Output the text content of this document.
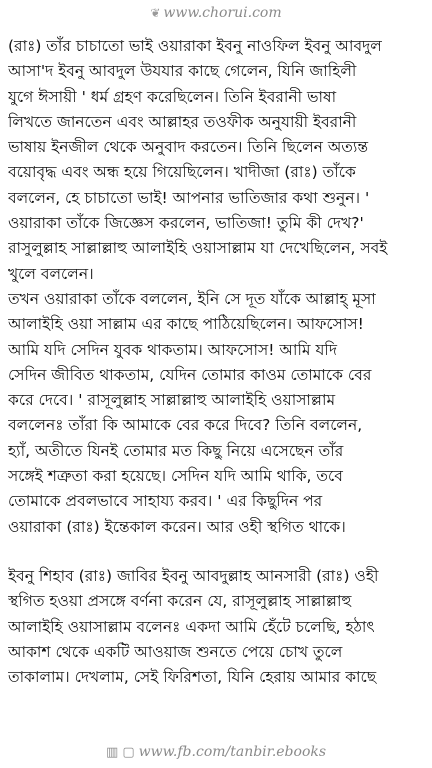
❦ www.chorui.com
(রাঃ) তাঁর চাচাতো ভাই ওয়ারাকা ইবনু নাওফিল ইবনু আবদুল
আসা'দ ইবনু আবদুল উযযার কাছে গেলেন, যিনি জাহিলী
যুগে ঈসায়ী ' ধর্ম গ্রহণ করেছিলেন। তিনি ইবরানী ভাষা
লিখতে জানতেন এবং আল্লাহর তওফীক অনুযায়ী ইবরানী
ভাষায় ইনজীল থেকে অনুবাদ করতেন। তিনি ছিলেন অত্যন্ত
বয়োবৃদ্ধ এবং অন্ধ হয়ে গিয়েছিলেন। খাদীজা (রাঃ) তাঁকে
বললেন, হে চাচাতো ভাই! আপনার ভাতিজার কথা শুনুন। '
ওয়ারাকা তাঁকে জিজ্ঞেস করলেন, ভাতিজা! তুমি কী দেখ?'
রাসুলুল্লাহ সাল্লাল্লাহু আলাইহি ওয়াসাল্লাম যা দেখেছিলেন, সবই
খুলে বললেন।
তখন ওয়ারাকা তাঁকে বললেন, ইনি সে দূত যাঁকে আল্লাহ্ মূসা
আলাইহি ওয়া সাল্লাম এর কাছে পাঠিয়েছিলেন। আফসোস!
আমি যদি সেদিন যুবক থাকতাম। আফসোস! আমি যদি
সেদিন জীবিত থাকতাম, যেদিন তোমার কাওম তোমাকে বের
করে দেবে। ' রাসূলুল্লাহ সাল্লাল্লাহু আলাইহি ওয়াসাল্লাম
বললেনঃ তাঁরা কি আমাকে বের করে দিবে? তিনি বললেন,
হ্যাঁ, অতীতে যিনই তোমার মত কিছু নিয়ে এসেছেন তাঁর
সঙ্গেই শত্রুতা করা হয়েছে। সেদিন যদি আমি থাকি, তবে
তোমাকে প্রবলভাবে সাহায্য করব। ' এর কিছুদিন পর
ওয়ারাকা (রাঃ) ইন্তেকাল করেন। আর ওহী স্থগিত থাকে।
ইবনু শিহাব (রাঃ) জাবির ইবনু আবদুল্লাহ আনসারী (রাঃ) ওহী
স্থগিত হওয়া প্রসঙ্গে বর্ণনা করেন যে, রাসূলুল্লাহ সাল্লাল্লাহু
আলাইহি ওয়াসাল্লাম বলেনঃ একদা আমি হেঁটে চলেছি, হঠাৎ
আকাশ থেকে একটি আওয়াজ শুনতে পেয়ে চোখ তুলে
তাকালাম। দেখলাম, সেই ফিরিশতা, যিনি হেরায় আমার কাছে
▥ ▢ www.fb.com/tanbir.ebooks
